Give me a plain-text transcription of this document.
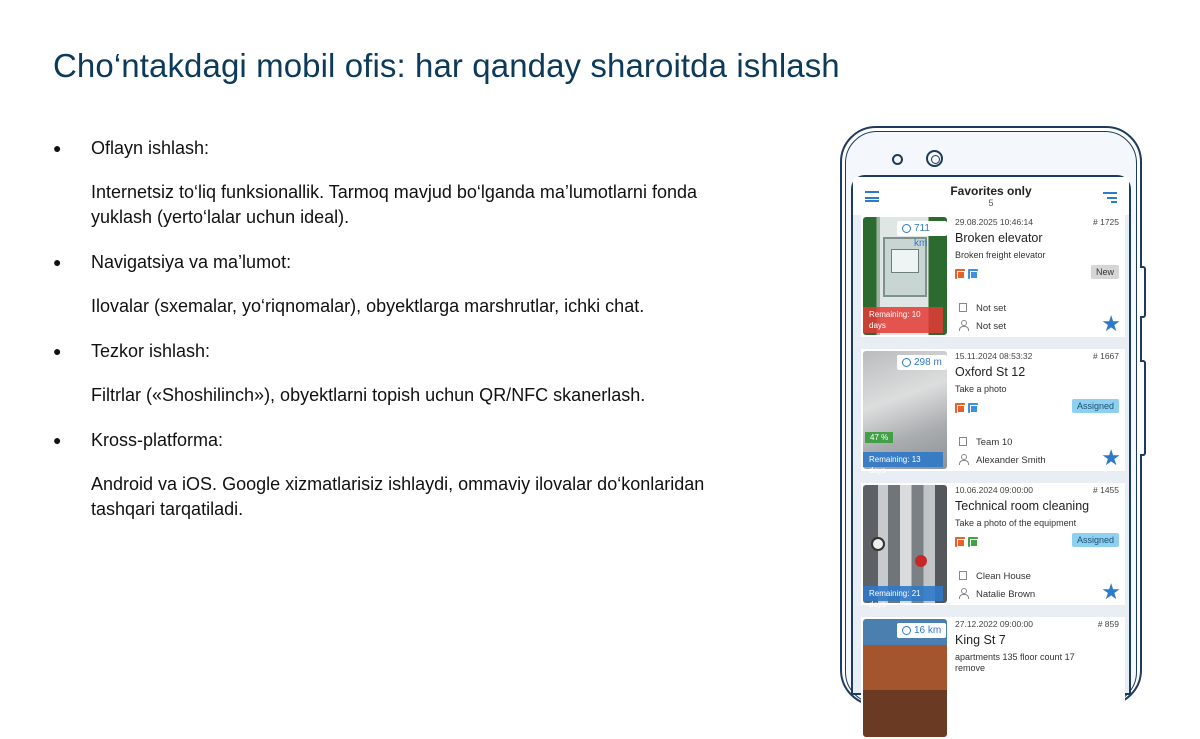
Cho‘ntakdagi mobil ofis: har qanday sharoitda ishlash
● Oflayn ishlash:
Internetsiz to‘liq funksionallik. Tarmoq mavjud bo‘lganda ma’lumotlarni fonda yuklash (yerto‘lalar uchun ideal).
● Navigatsiya va ma’lumot:
Ilovalar (sxemalar, yo‘riqnomalar), obyektlarga marshrutlar, ichki chat.
● Tezkor ishlash:
Filtrlar («Shoshilinch»), obyektlarni topish uchun QR/NFC skanerlash.
● Kross-platforma:
Android va iOS. Google xizmatlarisiz ishlaydi, ommaviy ilovalar do‘konlaridan tashqari tarqatiladi.
Favorites only
5
711 km
Remaining: 10 days
29.08.2025 10:46:14	# 1725
Broken elevator
Broken freight elevator
New
Not set
Not set	★
298 m
47 %
Remaining: 13 days
15.11.2024 08:53:32	# 1667
Oxford St 12
Take a photo
Assigned
Team 10
Alexander Smith	★
Remaining: 21 days
10.06.2024 09:00:00	# 1455
Technical room cleaning
Take a photo of the equipment
Assigned
Clean House
Natalie Brown	★
16 km
27.12.2022 09:00:00	# 859
King St 7
apartments 135 floor count 17 remove
